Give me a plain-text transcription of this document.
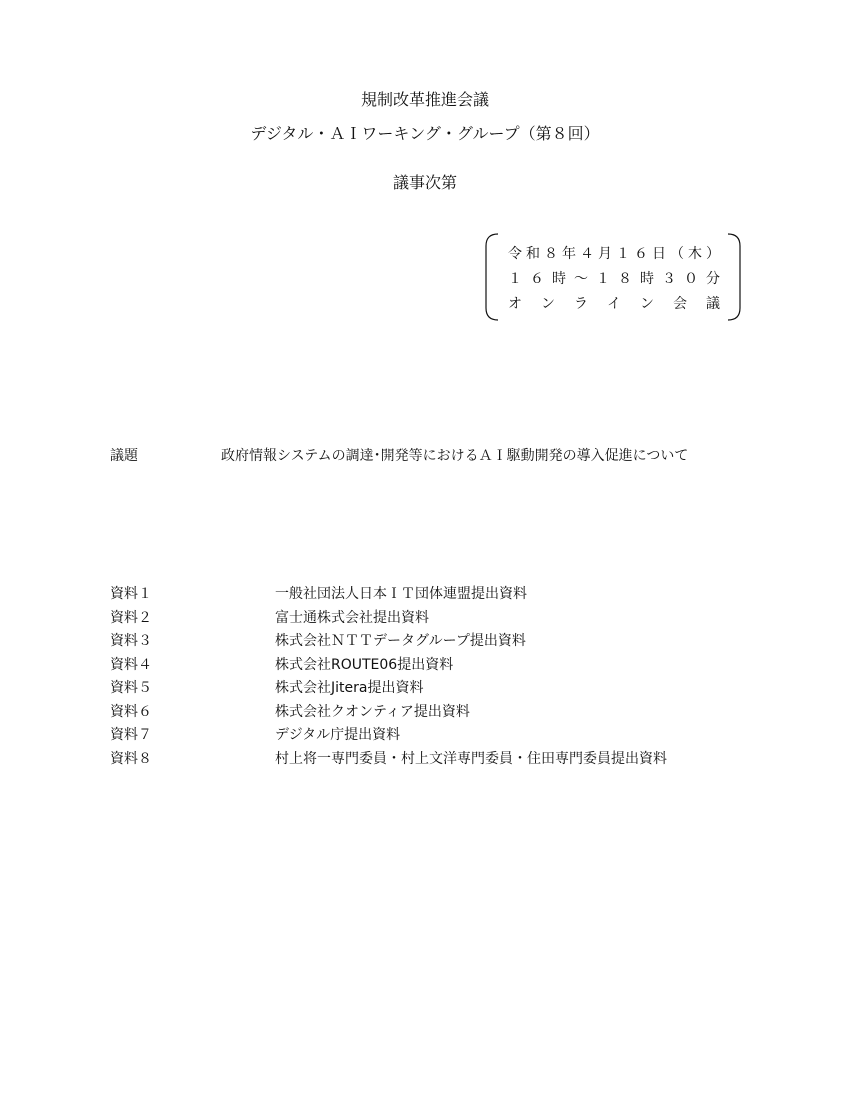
規制改革推進会議
デジタル・ＡＩワーキング・グループ（第８回）
議事次第
令 和 ８ 年 ４ 月 １ ６ 日 （ 木 ）
１ ６ 時 ～ １ ８ 時 ３ ０ 分
オ ン ラ イ ン 会 議
議題	政府情報システムの調達･開発等におけるＡＩ駆動開発の導入促進について
資料１	一般社団法人日本ＩＴ団体連盟提出資料
資料２	富士通株式会社提出資料
資料３	株式会社ＮＴＴデータグループ提出資料
資料４	株式会社ROUTE06提出資料
資料５	株式会社Jitera提出資料
資料６	株式会社クオンティア提出資料
資料７	デジタル庁提出資料
資料８	村上将一専門委員・村上文洋専門委員・住田専門委員提出資料
